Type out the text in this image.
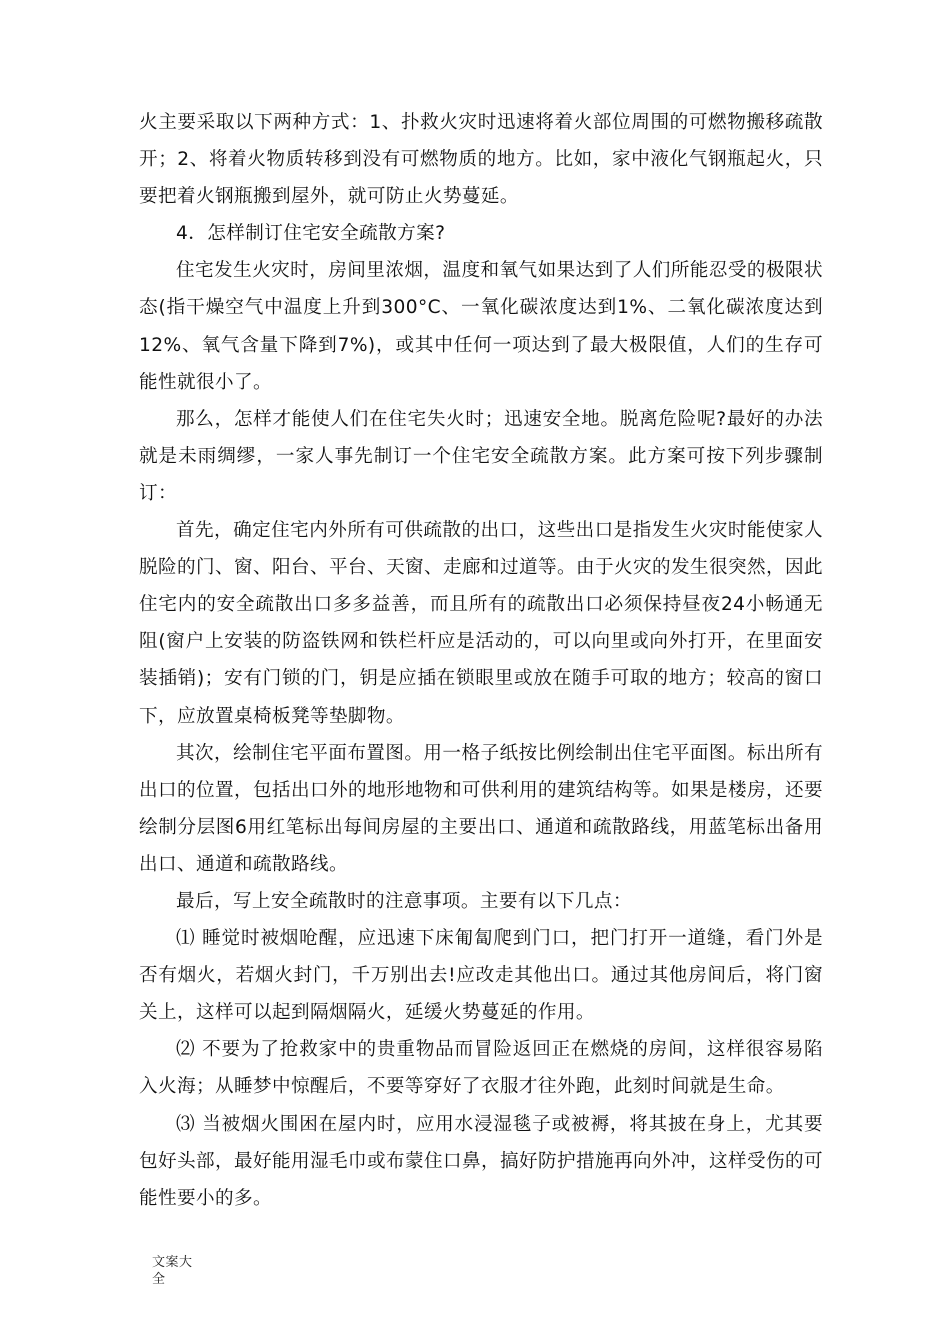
火主要采取以下两种方式：1、扑救火灾时迅速将着火部位周围的可燃物搬移疏散开；2、将着火物质转移到没有可燃物质的地方。比如，家中液化气钢瓶起火，只要把着火钢瓶搬到屋外，就可防止火势蔓延。

4．怎样制订住宅安全疏散方案?

住宅发生火灾时，房间里浓烟，温度和氧气如果达到了人们所能忍受的极限状态(指干燥空气中温度上升到300°C、一氧化碳浓度达到1%、二氧化碳浓度达到12%、氧气含量下降到7%)，或其中任何一项达到了最大极限值，人们的生存可能性就很小了。

那么，怎样才能使人们在住宅失火时；迅速安全地。脱离危险呢?最好的办法就是未雨绸缪，一家人事先制订一个住宅安全疏散方案。此方案可按下列步骤制订：

首先，确定住宅内外所有可供疏散的出口，这些出口是指发生火灾时能使家人脱险的门、窗、阳台、平台、天窗、走廊和过道等。由于火灾的发生很突然，因此住宅内的安全疏散出口多多益善，而且所有的疏散出口必须保持昼夜24小畅通无阻(窗户上安装的防盗铁网和铁栏杆应是活动的，可以向里或向外打开，在里面安装插销)；安有门锁的门，钥是应插在锁眼里或放在随手可取的地方；较高的窗口下，应放置桌椅板凳等垫脚物。

其次，绘制住宅平面布置图。用一格子纸按比例绘制出住宅平面图。标出所有出口的位置，包括出口外的地形地物和可供利用的建筑结构等。如果是楼房，还要绘制分层图6用红笔标出每间房屋的主要出口、通道和疏散路线，用蓝笔标出备用出口、通道和疏散路线。

最后，写上安全疏散时的注意事项。主要有以下几点：

⑴ 睡觉时被烟呛醒，应迅速下床匍匐爬到门口，把门打开一道缝，看门外是否有烟火，若烟火封门，千万别出去!应改走其他出口。通过其他房间后，将门窗关上，这样可以起到隔烟隔火，延缓火势蔓延的作用。

⑵ 不要为了抢救家中的贵重物品而冒险返回正在燃烧的房间，这样很容易陷入火海；从睡梦中惊醒后，不要等穿好了衣服才往外跑，此刻时间就是生命。

⑶ 当被烟火围困在屋内时，应用水浸湿毯子或被褥，将其披在身上，尤其要包好头部，最好能用湿毛巾或布蒙住口鼻，搞好防护措施再向外冲，这样受伤的可能性要小的多。

文案大全
